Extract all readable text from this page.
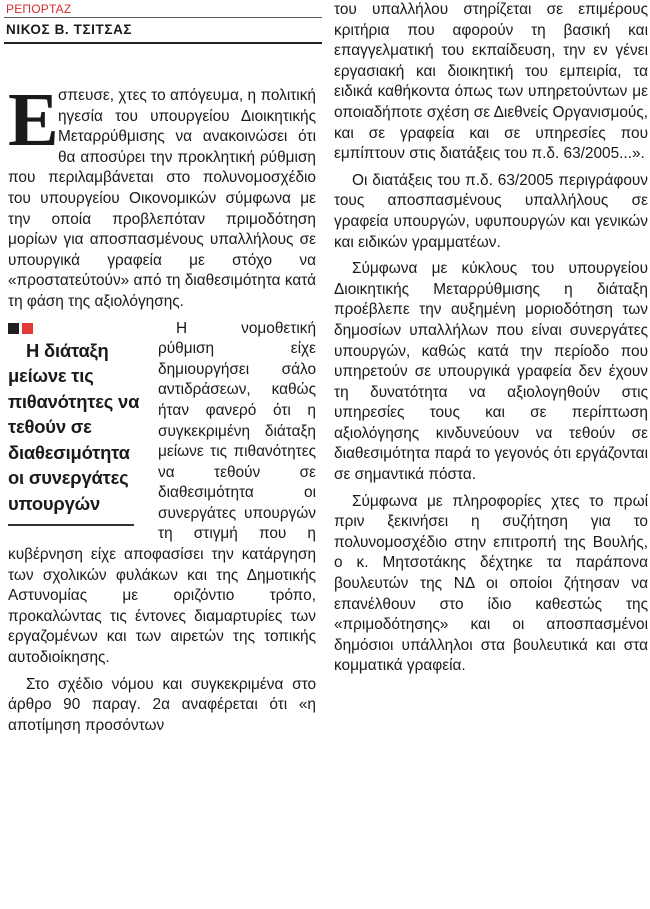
ΡΕΠΟΡΤΑΖ
ΝΙΚΟΣ Β. ΤΣΙΤΣΑΣ

Εσπευσε, χτες το απόγευμα, η πολιτική ηγεσία του υπουργείου Διοικητικής Μεταρρύθμισης να ανακοινώσει ότι θα αποσύρει την προκλητική ρύθμιση που περιλαμβάνεται στο πολυνομοσχέδιο του υπουργείου Οικονομικών σύμφωνα με την οποία προβλεπόταν πριμοδότηση μορίων για αποσπασμένους υπαλλήλους σε υπουργικά γραφεία με στόχο να «προστατεύτούν» από τη διαθεσιμότητα κατά τη φάση της αξιολόγησης.

Η διάταξη μείωνε τις πιθανότητες να τεθούν σε διαθεσιμότητα οι συνεργάτες υπουργών
Η νομοθετική ρύθμιση είχε δημιουργήσει σάλο αντιδράσεων, καθώς ήταν φανερό ότι η συγκεκριμένη διάταξη μείωνε τις πιθανότητες να τεθούν σε διαθεσιμότητα οι συνεργάτες υπουργών τη στιγμή που η κυβέρνηση είχε αποφασίσει την κατάργηση των σχολικών φυλάκων και της Δημοτικής Αστυνομίας με οριζόντιο τρόπο, προκαλώντας τις έντονες διαμαρτυρίες των εργαζομένων και των αιρετών της τοπικής αυτοδιοίκησης.

Στο σχέδιο νόμου και συγκεκριμένα στο άρθρο 90 παραγ. 2α αναφέρεται ότι «η αποτίμηση προσόντων

του υπαλλήλου στηρίζεται σε επιμέρους κριτήρια που αφορούν τη βασική και επαγγελματική του εκπαίδευση, την εν γένει εργασιακή και διοικητική του εμπειρία, τα ειδικά καθήκοντα όπως των υπηρετούντων με οποιαδήποτε σχέση σε Διεθνείς Οργανισμούς, και σε γραφεία και σε υπηρεσίες που εμπίπτουν στις διατάξεις του π.δ. 63/2005...».

Οι διατάξεις του π.δ. 63/2005 περιγράφουν τους αποσπασμένους υπαλλήλους σε γραφεία υπουργών, υφυπουργών και γενικών και ειδικών γραμματέων.

Σύμφωνα με κύκλους του υπουργείου Διοικητικής Μεταρρύθμισης η διάταξη προέβλεπε την αυξημένη μοριοδότηση των δημοσίων υπαλλήλων που είναι συνεργάτες υπουργών, καθώς κατά την περίοδο που υπηρετούν σε υπουργικά γραφεία δεν έχουν τη δυνατότητα να αξιολογηθούν στις υπηρεσίες τους και σε περίπτωση αξιολόγησης κινδυνεύουν να τεθούν σε διαθεσιμότητα παρά το γεγονός ότι εργάζονται σε σημαντικά πόστα.

Σύμφωνα με πληροφορίες χτες το πρωί πριν ξεκινήσει η συζήτηση για το πολυνομοσχέδιο στην επιτροπή της Βουλής, ο κ. Μητσοτάκης δέχτηκε τα παράπονα βουλευτών της ΝΔ οι οποίοι ζήτησαν να επανέλθουν στο ίδιο καθεστώς της «πριμοδότησης» και οι αποσπασμένοι δημόσιοι υπάλληλοι στα βουλευτικά και στα κομματικά γραφεία.
